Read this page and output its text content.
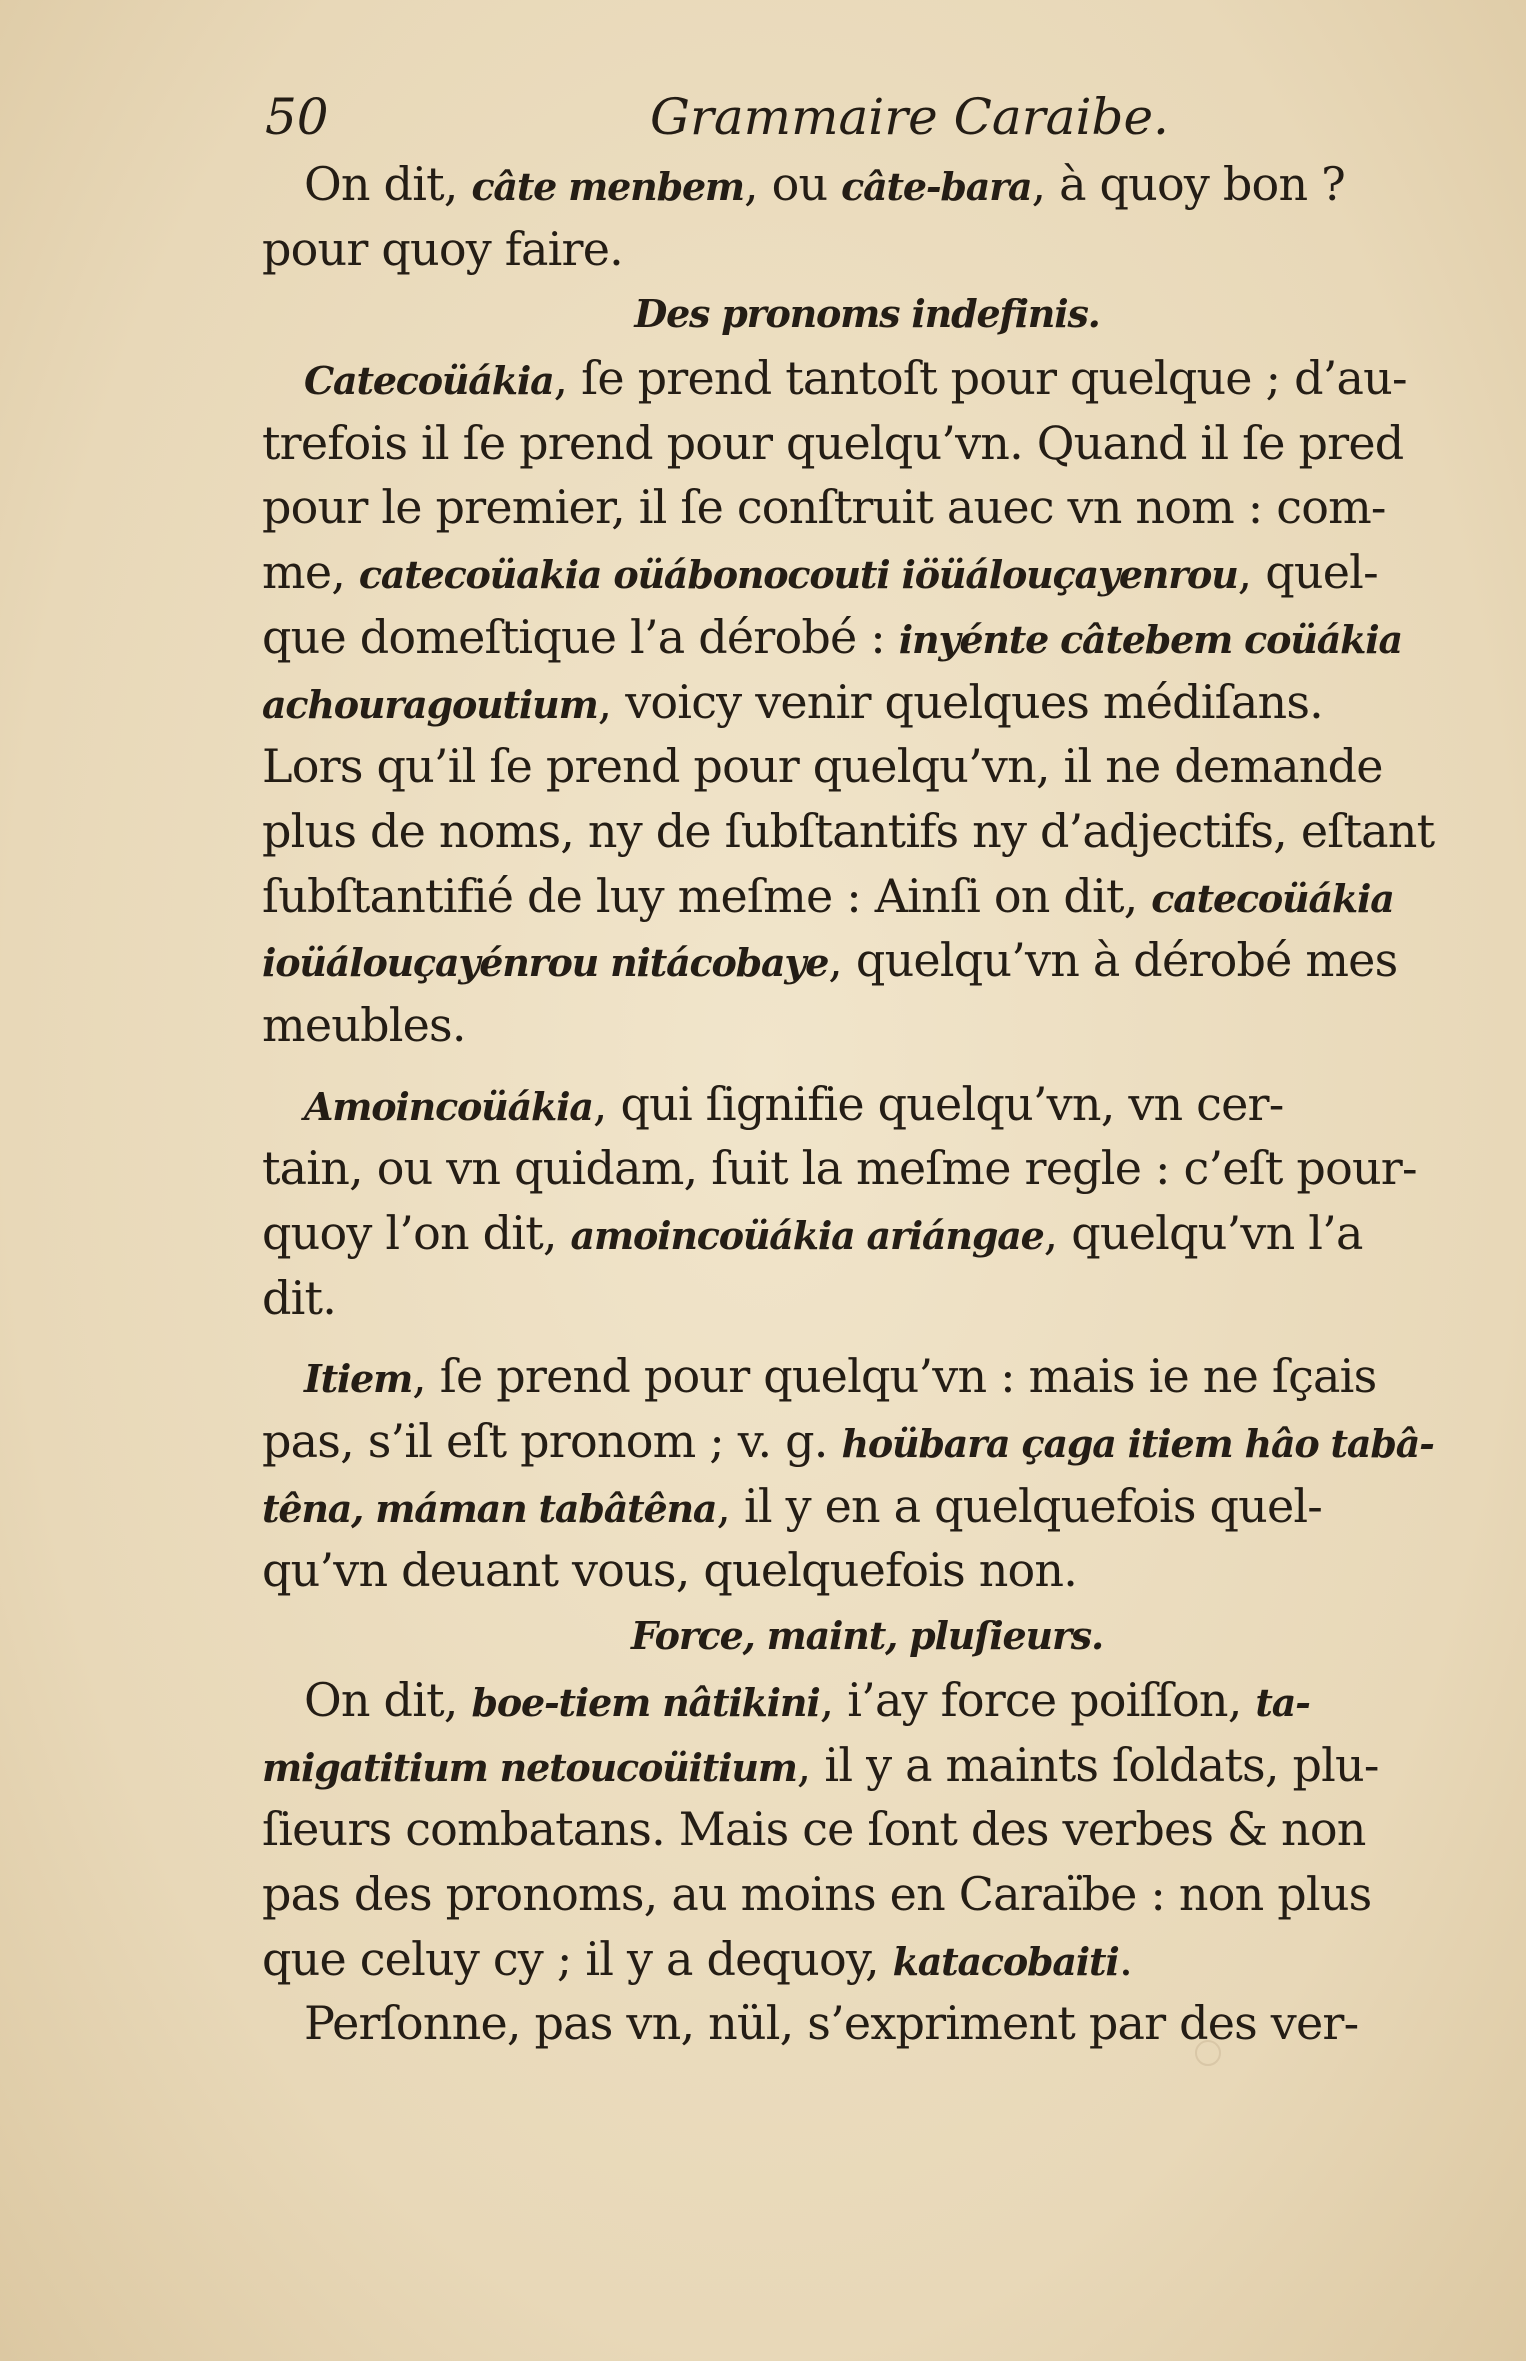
50	Grammaire Caraibe.
On dit, câte menbem, ou câte-bara, à quoy bon ?
pour quoy faire.
Des pronoms indefinis.
Catecoüákia, ſe prend tantoſt pour quelque ; d’au-
trefois il ſe prend pour quelqu’vn. Quand il ſe pred
pour le premier, il ſe conſtruit auec vn nom : com-
me, catecoüakia oüábonocouti iöüálouçayenrou, quel-
que domeſtique l’a dérobé : inyénte câtebem coüákia
achouragoutium, voicy venir quelques médiſans.
Lors qu’il ſe prend pour quelqu’vn, il ne demande
plus de noms, ny de ſubſtantifs ny d’adjectifs, eſtant
ſubſtantifié de luy meſme : Ainſi on dit, catecoüákia
ioüálouçayénrou nitácobaye, quelqu’vn à dérobé mes
meubles.
Amoincoüákia, qui ſignifie quelqu’vn, vn cer-
tain, ou vn quidam, ſuit la meſme regle : c’eſt pour-
quoy l’on dit, amoincoüákia ariángae, quelqu’vn l’a
dit.
Itiem, ſe prend pour quelqu’vn : mais ie ne ſçais
pas, s’il eſt pronom ; v. g. hoübara çaga itiem hâo tabâ-
têna, máman tabâtêna, il y en a quelquefois quel-
qu’vn deuant vous, quelquefois non.
Force, maint, pluſieurs.
On dit, boe-tiem nâtikini, i’ay force poiſſon, ta-
migatitium netoucoüitium, il y a maints ſoldats, plu-
ſieurs combatans. Mais ce ſont des verbes & non
pas des pronoms, au moins en Caraïbe : non plus
que celuy cy ; il y a dequoy, katacobaiti.
Perſonne, pas vn, nül, s’expriment par des ver-
